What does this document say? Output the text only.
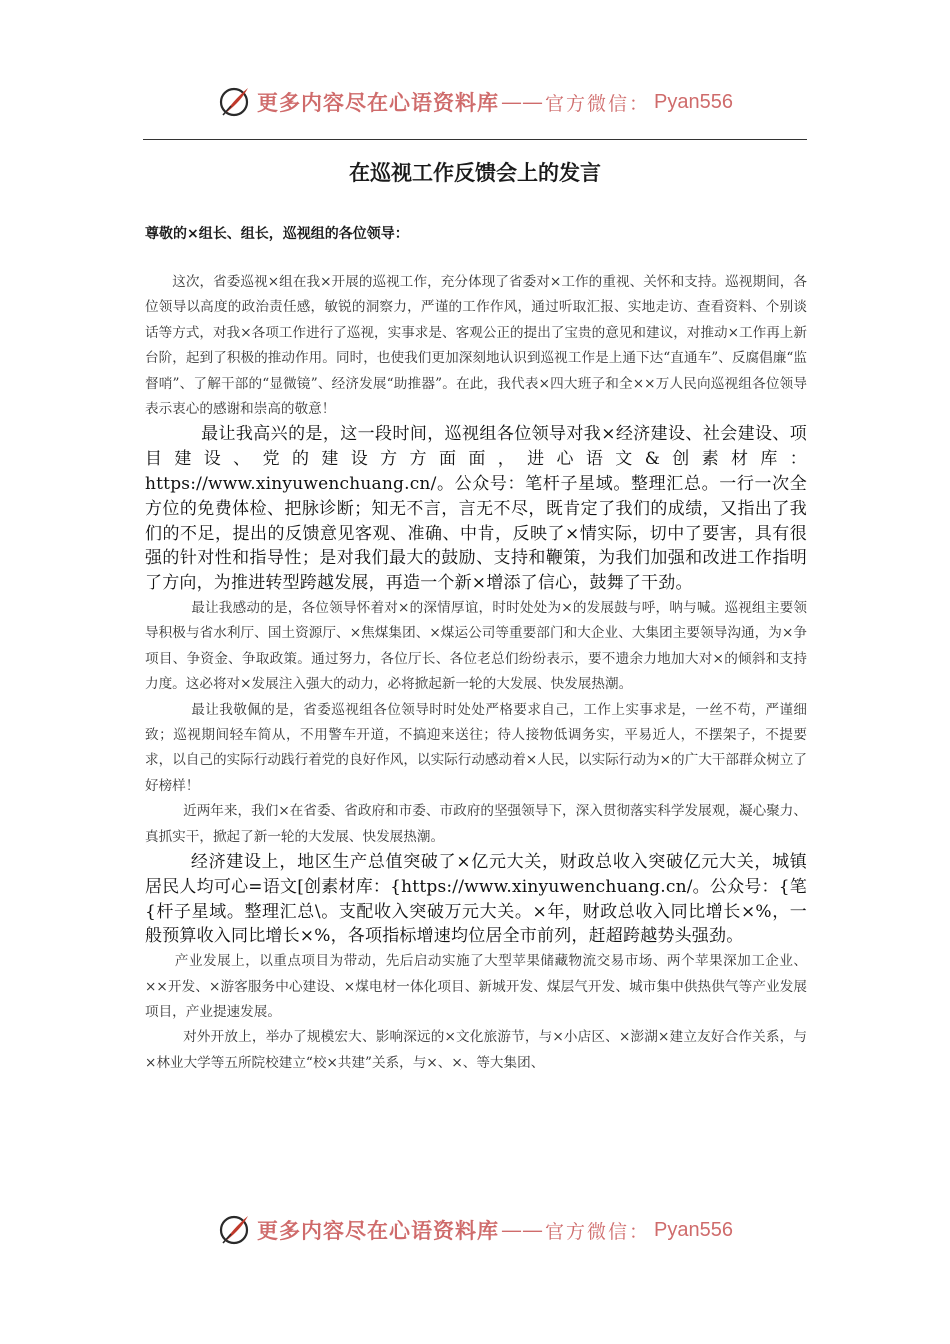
更多内容尽在心语资料库 —— 官方微信： Pyan556
在巡视工作反馈会上的发言
尊敬的×组长、组长，巡视组的各位领导：

这次，省委巡视×组在我×开展的巡视工作，充分体现了省委对×工作的重视、关怀和支持。巡视期间，各位领导以高度的政治责任感，敏锐的洞察力，严谨的工作作风，通过听取汇报、实地走访、查看资料、个别谈话等方式，对我×各项工作进行了巡视，实事求是、客观公正的提出了宝贵的意见和建议，对推动×工作再上新台阶，起到了积极的推动作用。同时，也使我们更加深刻地认识到巡视工作是上通下达“直通车”、反腐倡廉“监督哨”、了解干部的“显微镜”、经济发展“助推器”。在此，我代表×四大班子和全××万人民向巡视组各位领导表示衷心的感谢和崇高的敬意！

最让我高兴的是，这一段时间，巡视组各位领导对我×经济建设、社会建设、项目建设、党的建设方方面面，进心语文&创素材库：https://www.xinyuwenchuang.cn/。公众号：笔杆子星域。整理汇总。一行一次全方位的免费体检、把脉诊断；知无不言，言无不尽，既肯定了我们的成绩，又指出了我们的不足，提出的反馈意见客观、准确、中肯，反映了×情实际，切中了要害，具有很强的针对性和指导性；是对我们最大的鼓励、支持和鞭策，为我们加强和改进工作指明了方向，为推进转型跨越发展，再造一个新×增添了信心，鼓舞了干劲。

最让我感动的是，各位领导怀着对×的深情厚谊，时时处处为×的发展鼓与呼，呐与喊。巡视组主要领导积极与省水利厅、国土资源厅、×焦煤集团、×煤运公司等重要部门和大企业、大集团主要领导沟通，为×争项目、争资金、争取政策。通过努力，各位厅长、各位老总们纷纷表示，要不遗余力地加大对×的倾斜和支持力度。这必将对×发展注入强大的动力，必将掀起新一轮的大发展、快发展热潮。

最让我敬佩的是，省委巡视组各位领导时时处处严格要求自己，工作上实事求是，一丝不苟，严谨细致；巡视期间轻车简从，不用警车开道，不搞迎来送往；待人接物低调务实，平易近人，不摆架子，不提要求，以自己的实际行动践行着党的良好作风，以实际行动感动着×人民，以实际行动为×的广大干部群众树立了好榜样！

近两年来，我们×在省委、省政府和市委、市政府的坚强领导下，深入贯彻落实科学发展观，凝心聚力、真抓实干，掀起了新一轮的大发展、快发展热潮。

经济建设上，地区生产总值突破了×亿元大关，财政总收入突破亿元大关，城镇居民人均可心=语文[创素材库：{https://www.xinyuwenchuang.cn/。公众号：{笔{杆子星域。整理汇总\。支配收入突破万元大关。×年，财政总收入同比增长×%，一般预算收入同比增长×%，各项指标增速均位居全市前列，赶超跨越势头强劲。

产业发展上，以重点项目为带动，先后启动实施了大型苹果储藏物流交易市场、两个苹果深加工企业、××开发、×游客服务中心建设、×煤电材一体化项目、新城开发、煤层气开发、城市集中供热供气等产业发展项目，产业提速发展。

对外开放上，举办了规模宏大、影响深远的×文化旅游节，与×小店区、×澎湖×建立友好合作关系，与×林业大学等五所院校建立“校×共建”关系，与×、×、等大集团、

更多内容尽在心语资料库 —— 官方微信： Pyan556
